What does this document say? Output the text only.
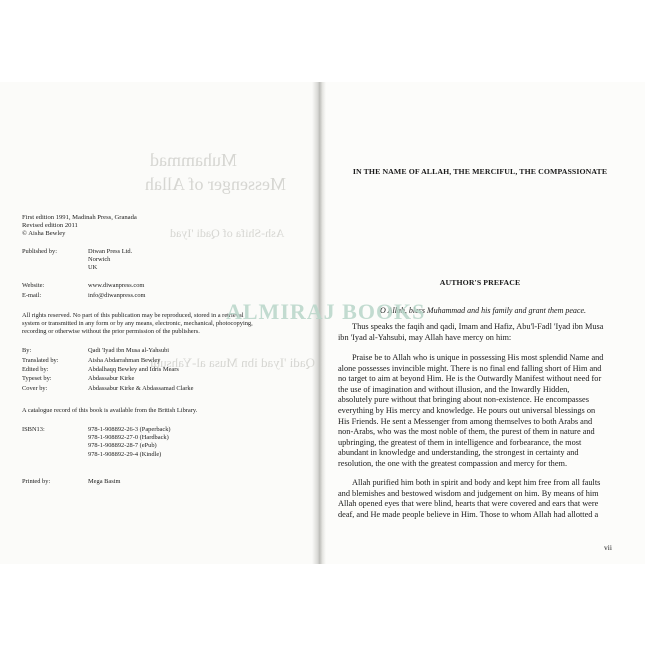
Muhammad
Messenger of Allah
Ash-Shifa of Qadi 'Iyad
Qadi 'Iyad ibn Musa al-Yahsubi
First edition 1991, Madinah Press, Granada
Revised edition 2011
© Aisha Bewley
Published by:	Diwan Press Ltd.
Norwich
UK
Website:	www.diwanpress.com
E-mail:	info@diwanpress.com
All rights reserved. No part of this publication may be reproduced, stored in a retrieval
system or transmitted in any form or by any means, electronic, mechanical, photocopying,
recording or otherwise without the prior permission of the publishers.
By:	Qadi 'Iyad ibn Musa al-Yahsubi
Translated by:	Aisha Abdarrahman Bewley
Edited by:	Abdalhaqq Bewley and Idris Mears
Typeset by:	Abdassabur Kirke
Cover by:	Abdassabur Kirke & Abdassamad Clarke
A catalogue record of this book is available from the British Library.
ISBN13:	978-1-908892-26-3 (Paperback)
978-1-908892-27-0 (Hardback)
978-1-908892-28-7 (ePub)
978-1-908892-29-4 (Kindle)
Printed by:	Mega Basim
IN THE NAME OF ALLAH, THE MERCIFUL, THE COMPASSIONATE
AUTHOR'S PREFACE
O Allah, bless Muhammad and his family and grant them peace.
Thus speaks the faqih and qadi, Imam and Hafiz, Abu'l-Fadl 'Iyad ibn Musa
ibn 'Iyad al-Yahsubi, may Allah have mercy on him:
Praise be to Allah who is unique in possessing His most splendid Name and
alone possesses invincible might. There is no final end falling short of Him and
no target to aim at beyond Him. He is the Outwardly Manifest without need for
the use of imagination and without illusion, and the Inwardly Hidden,
absolutely pure without that bringing about non-existence. He encompasses
everything by His mercy and knowledge. He pours out universal blessings on
His Friends. He sent a Messenger from among themselves to both Arabs and
non-Arabs, who was the most noble of them, the purest of them in nature and
upbringing, the greatest of them in intelligence and forbearance, the most
abundant in knowledge and understanding, the strongest in certainty and
resolution, the one with the greatest compassion and mercy for them.
Allah purified him both in spirit and body and kept him free from all faults
and blemishes and bestowed wisdom and judgement on him. By means of him
Allah opened eyes that were blind, hearts that were covered and ears that were
deaf, and He made people believe in Him. Those to whom Allah had allotted a
vii
ALMIRAJ BOOKS
